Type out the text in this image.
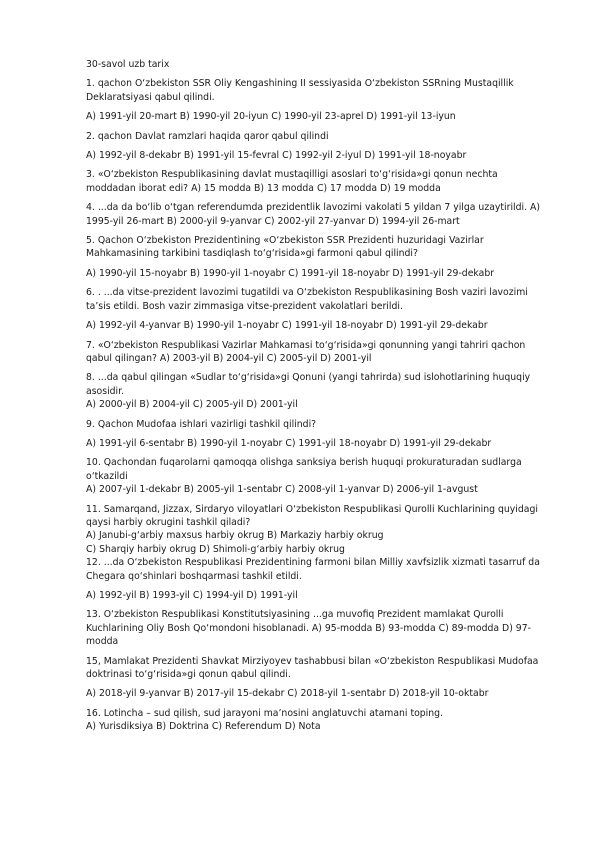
30-savol uzb tarix

1. qachon O‘zbekiston SSR Oliy Kengashining II sessiyasida O‘zbekiston SSRning Mustaqillik Deklaratsiyasi qabul qilindi.

A) 1991-yil 20-mart B) 1990-yil 20-iyun C) 1990-yil 23-aprel D) 1991-yil 13-iyun

2. qachon Davlat ramzlari haqida qaror qabul qilindi

A) 1992-yil 8-dekabr B) 1991-yil 15-fevral C) 1992-yil 2-iyul D) 1991-yil 18-noyabr

3. «O‘zbekiston Respublikasining davlat mustaqilligi asoslari to‘g‘risida»gi qonun nechta moddadan iborat edi? A) 15 modda B) 13 modda C) 17 modda D) 19 modda

4. ...da da bo‘lib o‘tgan referendumda prezidentlik lavozimi vakolati 5 yildan 7 yilga uzaytirildi. A) 1995-yil 26-mart B) 2000-yil 9-yanvar C) 2002-yil 27-yanvar D) 1994-yil 26-mart

5. Qachon O‘zbekiston Prezidentining «O‘zbekiston SSR Prezidenti huzuridagi Vazirlar Mahkamasining tarkibini tasdiqlash to‘g‘risida»gi farmoni qabul qilindi?

A) 1990-yil 15-noyabr B) 1990-yil 1-noyabr C) 1991-yil 18-noyabr D) 1991-yil 29-dekabr

6. . ...da vitse-prezident lavozimi tugatildi va O‘zbekiston Respublikasining Bosh vaziri lavozimi ta’sis etildi. Bosh vazir zimmasiga vitse-prezident vakolatlari berildi.

A) 1992-yil 4-yanvar B) 1990-yil 1-noyabr C) 1991-yil 18-noyabr D) 1991-yil 29-dekabr

7. «O‘zbekiston Respublikasi Vazirlar Mahkamasi to‘g‘risida»gi qonunning yangi tahriri qachon qabul qilingan? A) 2003-yil B) 2004-yil C) 2005-yil D) 2001-yil

8. ...da qabul qilingan «Sudlar to‘g‘risida»gi Qonuni (yangi tahrirda) sud islohotlarining huquqiy asosidir.

A) 2000-yil B) 2004-yil C) 2005-yil D) 2001-yil

9. Qachon Mudofaa ishlari vazirligi tashkil qilindi?

A) 1991-yil 6-sentabr B) 1990-yil 1-noyabr C) 1991-yil 18-noyabr D) 1991-yil 29-dekabr

10. Qachondan fuqarolarni qamoqqa olishga sanksiya berish huquqi prokuraturadan sudlarga o‘tkazildi

A) 2007-yil 1-dekabr B) 2005-yil 1-sentabr C) 2008-yil 1-yanvar D) 2006-yil 1-avgust

11. Samarqand, Jizzax, Sirdaryo viloyatlari O‘zbekiston Respublikasi Qurolli Kuchlarining quyidagi qaysi harbiy okrugini tashkil qiladi?

A) Janubi-g‘arbiy maxsus harbiy okrug B) Markaziy harbiy okrug

C) Sharqiy harbiy okrug D) Shimoli-g‘arbiy harbiy okrug

12. ...da O‘zbekiston Respublikasi Prezidentining farmoni bilan Milliy xavfsizlik xizmati tasarruf da Chegara qo‘shinlari boshqarmasi tashkil etildi.

A) 1992-yil B) 1993-yil C) 1994-yil D) 1991-yil

13. O‘zbekiston Respublikasi Konstitutsiyasining ...ga muvofiq Prezident mamlakat Qurolli Kuchlarining Oliy Bosh Qo‘mondoni hisoblanadi. A) 95-modda B) 93-modda C) 89-modda D) 97-modda

15, Mamlakat Prezidenti Shavkat Mirziyoyev tashabbusi bilan «O‘zbekiston Respublikasi Mudofaa doktrinasi to‘g‘risida»gi qonun qabul qilindi.

A) 2018-yil 9-yanvar B) 2017-yil 15-dekabr C) 2018-yil 1-sentabr D) 2018-yil 10-oktabr

16. Lotincha – sud qilish, sud jarayoni ma’nosini anglatuvchi atamani toping.

A) Yurisdiksiya B) Doktrina C) Referendum D) Nota
